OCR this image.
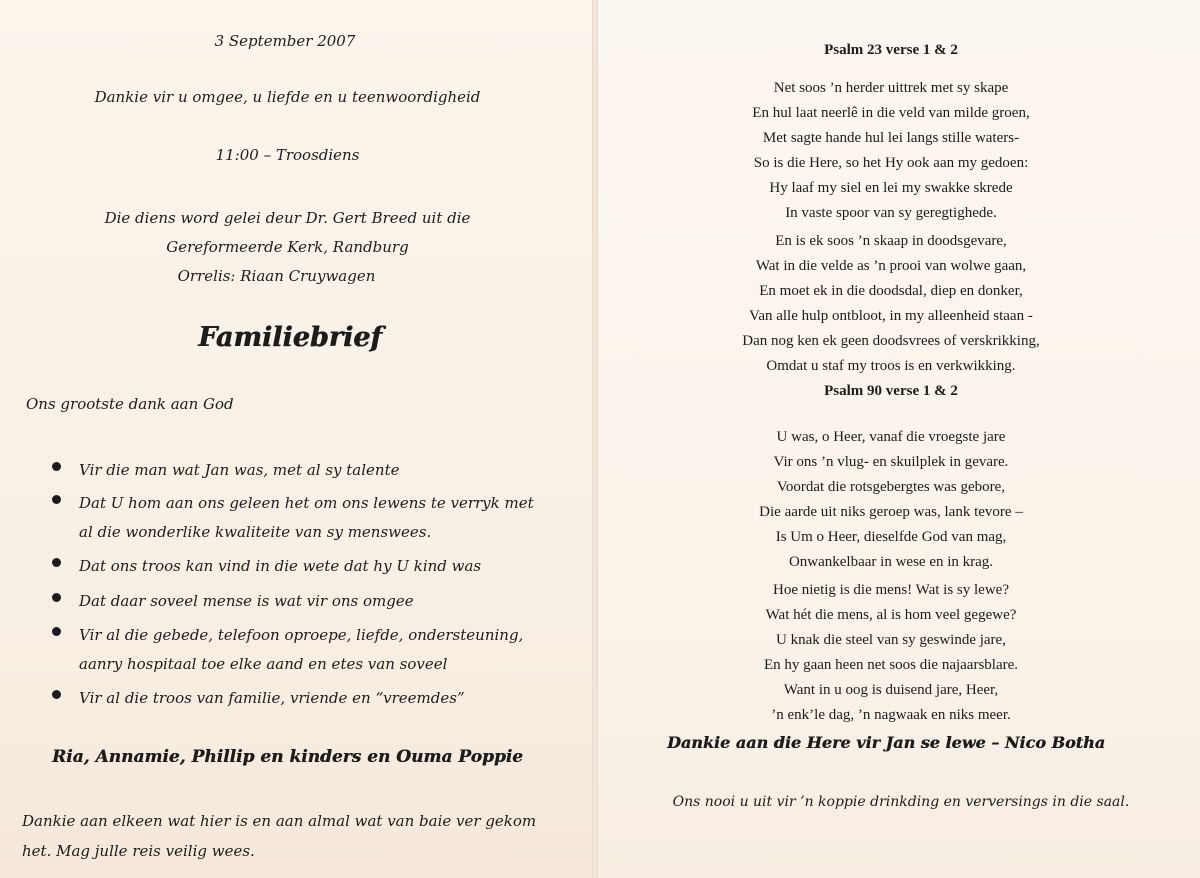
3 September 2007
Dankie vir u omgee, u liefde en u teenwoordigheid
11:00 – Troosdiens
Die diens word gelei deur Dr. Gert Breed uit die
Gereformeerde Kerk, Randburg
Orrelis: Riaan Cruywagen
Familiebrief
Ons grootste dank aan God
Vir die man wat Jan was, met al sy talente
Dat U hom aan ons geleen het om ons lewens te verryk met
al die wonderlike kwaliteite van sy menswees.
Dat ons troos kan vind in die wete dat hy U kind was
Dat daar soveel mense is wat vir ons omgee
Vir al die gebede, telefoon oproepe, liefde, ondersteuning,
aanry hospitaal toe elke aand en etes van soveel
Vir al die troos van familie, vriende en “vreemdes”
Ria, Annamie, Phillip en kinders en Ouma Poppie
Dankie aan elkeen wat hier is en aan almal wat van baie ver gekom
het. Mag julle reis veilig wees.
Psalm 23 verse 1 & 2
Net soos ’n herder uittrek met sy skape
En hul laat neerlê in die veld van milde groen,
Met sagte hande hul lei langs stille waters-
So is die Here, so het Hy ook aan my gedoen:
Hy laaf my siel en lei my swakke skrede
In vaste spoor van sy geregtighede.
En is ek soos ’n skaap in doodsgevare,
Wat in die velde as ’n prooi van wolwe gaan,
En moet ek in die doodsdal, diep en donker,
Van alle hulp ontbloot, in my alleenheid staan -
Dan nog ken ek geen doodsvrees of verskrikking,
Omdat u staf my troos is en verkwikking.
Psalm 90 verse 1 & 2
U was, o Heer, vanaf die vroegste jare
Vir ons ’n vlug- en skuilplek in gevare.
Voordat die rotsgebergtes was gebore,
Die aarde uit niks geroep was, lank tevore –
Is Um o Heer, dieselfde God van mag,
Onwankelbaar in wese en in krag.
Hoe nietig is die mens! Wat is sy lewe?
Wat hét die mens, al is hom veel gegewe?
U knak die steel van sy geswinde jare,
En hy gaan heen net soos die najaarsblare.
Want in u oog is duisend jare, Heer,
’n enk’le dag, ’n nagwaak en niks meer.
Dankie aan die Here vir Jan se lewe – Nico Botha
Ons nooi u uit vir ’n koppie drinkding en verversings in die saal.
